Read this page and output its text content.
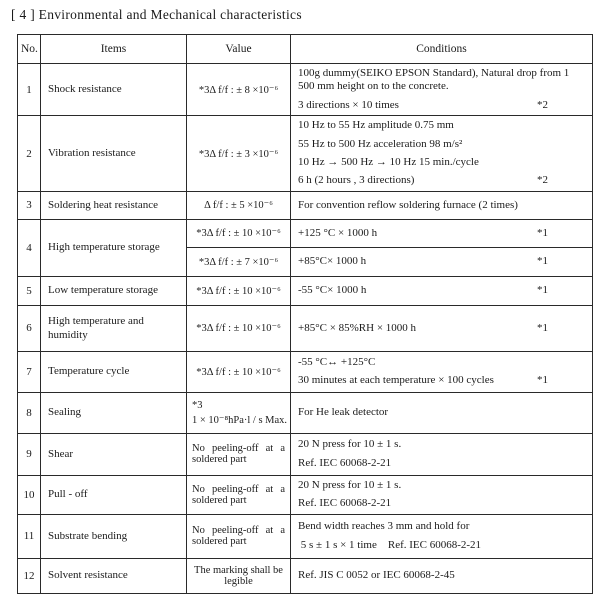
[ 4 ] Environmental and Mechanical characteristics
No.	Items	Value	Conditions
1	Shock resistance	*3Δ f/f : ± 8 ×10⁻⁶	100g dummy(SEIKO EPSON Standard), Natural drop from 1 500 mm height on to the concrete.
3 directions × 10 times *2

2	Vibration resistance	*3Δ f/f : ± 3 ×10⁻⁶	10 Hz to 55 Hz amplitude 0.75 mm
55 Hz to 500 Hz acceleration 98 m/s²
10 Hz → 500 Hz → 10 Hz 15 min./cycle
6 h (2 hours , 3 directions) *2

3	Soldering heat resistance	Δ f/f : ± 5 ×10⁻⁶	For convention reflow soldering furnace (2 times)

4	High temperature storage	*3Δ f/f : ± 10 ×10⁻⁶	+125 °C × 1000 h *1

		*3Δ f/f : ± 7 ×10⁻⁶	+85°C× 1000 h *1

5	Low temperature storage	*3Δ f/f : ± 10 ×10⁻⁶	-55 °C× 1000 h *1

6	High temperature and humidity	*3Δ f/f : ± 10 ×10⁻⁶	+85°C × 85%RH × 1000 h *1

7	Temperature cycle	*3Δ f/f : ± 10 ×10⁻⁶	-55 °C↔ +125°C
30 minutes at each temperature × 100 cycles *1

8	Sealing	*3
1 × 10⁻⁸hPa·l / s Max.	For He leak detector

9	Shear	No peeling-off at a soldered part	20 N press for 10 ± 1 s.
Ref. IEC 60068-2-21

10	Pull - off	No peeling-off at a soldered part	20 N press for 10 ± 1 s.
Ref. IEC 60068-2-21

11	Substrate bending	No peeling-off at a soldered part	Bend width reaches 3 mm and hold for
5 s ± 1 s × 1 time    Ref. IEC 60068-2-21

12	Solvent resistance	The marking shall be legible	Ref. JIS C 0052 or IEC 60068-2-45
